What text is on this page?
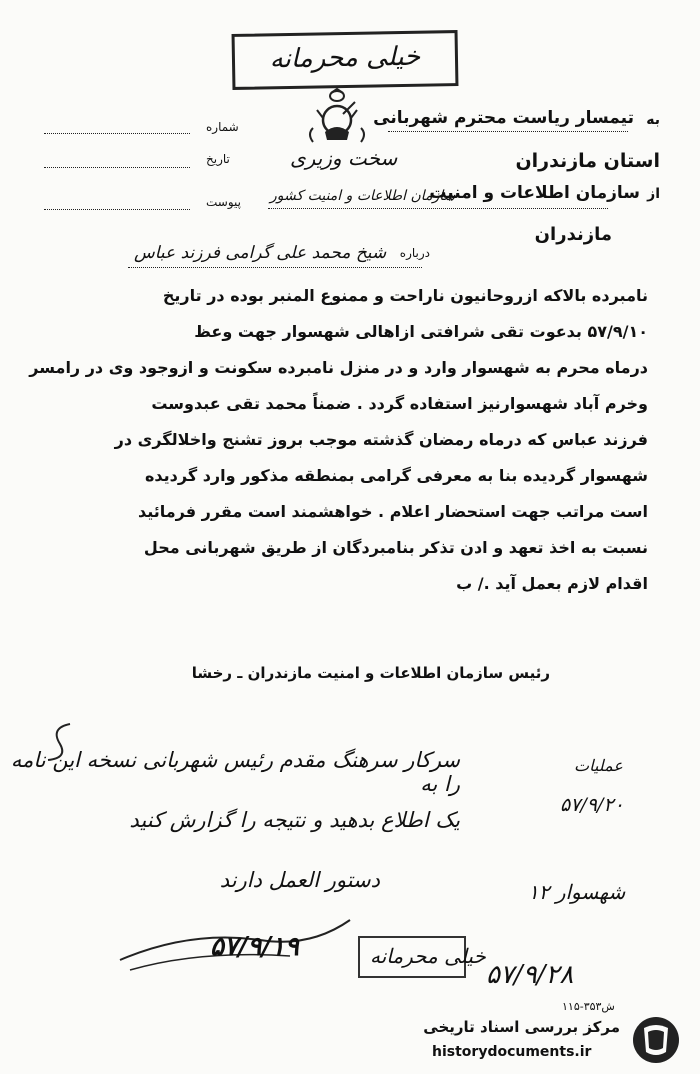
خیلی محرمانه
شماره
تاریخ
پیوست
به
تیمسار ریاست محترم شهربانی
استان مازندران
سخت وزیری
از
سازمان اطلاعات و امنیت
سازمان اطلاعات و امنیت کشور
مازندران
درباره
شیخ محمد علی گرامی فرزند عباس
نامبرده بالاکه ازروحانیون ناراحت و ممنوع المنبر بوده در تاریخ
۵۷/۹/۱۰ بدعوت تقی شرافتی ازاهالی شهسوار جهت وعظ
درماه محرم به شهسوار وارد و در منزل نامبرده سکونت و ازوجود وی در رامسر
وخرم آباد شهسوارنیز استفاده گردد . ضمناً محمد تقی عبدوست
فرزند عباس که درماه رمضان گذشته موجب بروز تشنج واخلالگری در
شهسوار گردیده بنا به معرفی گرامی بمنطقه مذکور وارد گردیده
است مراتب جهت استحضار اعلام . خواهشمند است مقرر فرمائید
نسبت به اخذ تعهد و ادن تذکر بنامبردگان از طریق شهربانی محل
اقدام لازم بعمل آید ./ ب
رئیس سازمان اطلاعات و امنیت مازندران ـ رخشا
سرکار سرهنگ مقدم رئیس شهربانی نسخه این نامه را به
یک اطلاع بدهید و نتیجه را گزارش کنید
دستور العمل دارند
عملیات
۵۷/۹/۲۰
شهسوار ۱۲
۵۷/۹/۲۸
خیلی محرمانه
۵۷/۹/۱۹
۱۱۵-۳۵۳ش
مرکز بررسی اسناد تاریخی
historydocuments.ir
